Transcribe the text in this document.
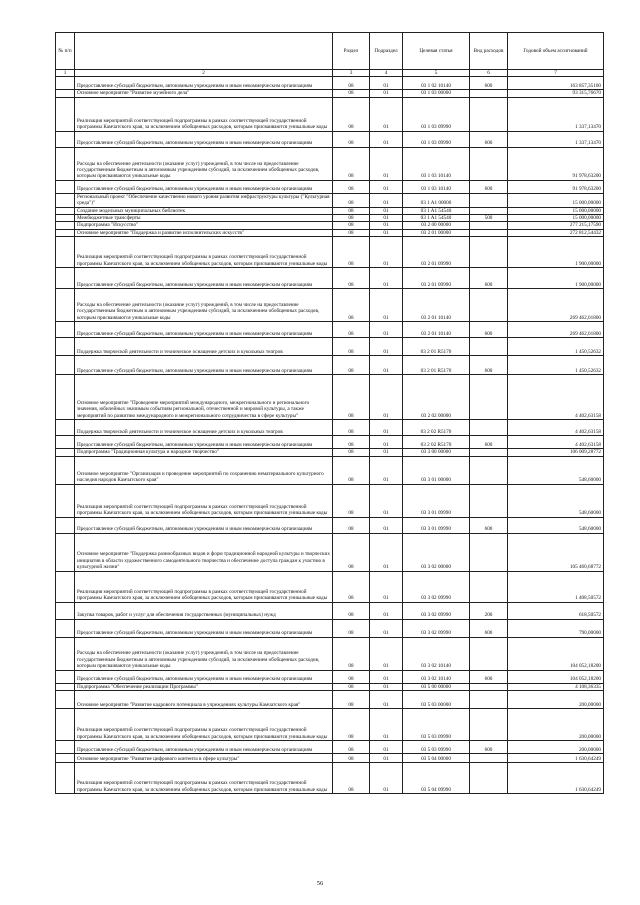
№ п/п		Раздел	Подраздел	Целевая статья	Вид расходов	Годовой объем ассигнований
1	2	3	4	5	6	7
	Предоставление субсидий бюджетным, автономным учреждениям и иным некоммерческим организациям	08	01	03 1 02 10140	600	163 857,35100
	Основное мероприятие "Развитие музейного дела"	08	01	03 1 03 00000		93 315,76670
	Реализация мероприятий соответствующей подпрограммы в рамках соответствующей государственной программы Камчатского края, за исключением обобщенных расходов, которым присваиваются уникальные коды	08	01	03 1 03 09990		1 337,13470
	Предоставление субсидий бюджетным, автономным учреждениям и иным некоммерческим организациям	08	01	03 1 03 09990	600	1 337,13470
	Расходы на обеспечение деятельности (оказание услуг) учреждений, в том числе на предоставление государственным бюджетным и автономным учреждениям субсидий, за исключением обобщенных расходов, которым присваиваются уникальные коды	08	01	03 1 03 10140		91 978,63200
	Предоставление субсидий бюджетным, автономным учреждениям и иным некоммерческим организациям	08	01	03 1 03 10140	600	91 978,63200
	Региональный проект "Обеспечение качественно нового уровня развития инфраструктуры культуры ("Культурная среда")"	08	01	03 1 A1 00000		15 000,00000
	Создание модельных муниципальных библиотек	08	01	03 1 A1 54540		15 000,00000
	Межбюджетные трансферты	08	01	03 1 A1 54540	500	15 000,00000
	Подпрограмма "Искусство"	08	01	03 2 00 00000		277 215,17590
	Основное мероприятие "Поддержка и развитие исполнительских искусств"	08	01	03 2 01 00000		272 812,54432
	Реализация мероприятий соответствующей подпрограммы в рамках соответствующей государственной программы Камчатского края, за исключением обобщенных расходов, которым присваиваются уникальные коды	08	01	03 2 01 09990		1 900,00000
	Предоставление субсидий бюджетным, автономным учреждениям и иным некоммерческим организациям	08	01	03 2 01 09990	600	1 900,00000
	Расходы на обеспечение деятельности (оказание услуг) учреждений, в том числе на предоставление государственным бюджетным и автономным учреждениям субсидий, за исключением обобщенных расходов, которым присваиваются уникальные коды	08	01	03 2 01 10140		269 462,01800
	Предоставление субсидий бюджетным, автономным учреждениям и иным некоммерческим организациям	08	01	03 2 01 10140	600	269 462,01800
	Поддержка творческой деятельности и техническое оснащение детских и кукольных театров	08	01	03 2 01 R5170		1 450,52632
	Предоставление субсидий бюджетным, автономным учреждениям и иным некоммерческим организациям	08	01	03 2 01 R5170	600	1 450,52632
	Основное мероприятие "Проведение мероприятий международного, межрегионального и регионального значения, юбилейных значимым событиям региональной, отечественной и мировой культуры, а также мероприятий по развитию международного и межрегионального сотрудничества в сфере культуры"	08	01	03 2 02 00000		4 402,63158
	Поддержка творческой деятельности и техническое оснащение детских и кукольных театров	08	01	03 2 02 R5170		4 402,63158
	Предоставление субсидий бюджетным, автономным учреждениям и иным некоммерческим организациям	08	01	03 2 02 R5170	600	4 402,63158
	Подпрограмма "Традиционная культура и народное творчество"	08	01	03 3 00 00000		106 009,28772
	Основное мероприятие "Организация и проведение мероприятий по сохранению нематериального культурного наследия народов Камчатского края"	08	01	03 3 01 00000		548,60000
	Реализация мероприятий соответствующей подпрограммы в рамках соответствующей государственной программы Камчатского края, за исключением обобщенных расходов, которым присваиваются уникальные коды	08	01	03 3 01 09990		548,60000
	Предоставление субсидий бюджетным, автономным учреждениям и иным некоммерческим организациям	08	01	03 3 01 09990	600	548,60000
	Основное мероприятие "Поддержка разнообразных видов и форм традиционной народной культуры и творческих инициатив в области художественного самодеятельного творчества и обеспечение доступа граждан к участию в культурной жизни"	08	01	03 3 02 00000		105 460,68772
	Реализация мероприятий соответствующей подпрограммы в рамках соответствующей государственной программы Камчатского края, за исключением обобщенных расходов, которым присваиваются уникальные коды	08	01	03 3 02 09990		1 408,50572
	Закупка товаров, работ и услуг для обеспечения государственных (муниципальных) нужд	08	01	03 3 02 09990	200	618,50572
	Предоставление субсидий бюджетным, автономным учреждениям и иным некоммерческим организациям	08	01	03 3 02 09990	600	790,00000
	Расходы на обеспечение деятельности (оказание услуг) учреждений, в том числе на предоставление государственным бюджетным и автономным учреждениям субсидий, за исключением обобщенных расходов, которым присваиваются уникальные коды	08	01	03 3 02 10140		104 052,18200
	Предоставление субсидий бюджетным, автономным учреждениям и иным некоммерческим организациям	08	01	03 3 02 10140	600	104 052,18200
	Подпрограмма "Обеспечение реализации Программы"	08	01	03 5 00 00000		4 108,36335
	Основное мероприятие "Развитие кадрового потенциала в учреждениях культуры Камчатского края"	08	01	03 5 03 00000		200,00000
	Реализация мероприятий соответствующей подпрограммы в рамках соответствующей государственной программы Камчатского края, за исключением обобщенных расходов, которым присваиваются уникальные коды	08	01	03 5 03 09990		200,00000
	Предоставление субсидий бюджетным, автономным учреждениям и иным некоммерческим организациям	08	01	03 5 03 09990	600	200,00000
	Основное мероприятие "Развитие цифрового контента в сфере культуры"	08	01	03 5 04 00000		1 630,64249
	Реализация мероприятий соответствующей подпрограммы в рамках соответствующей государственной программы Камчатского края, за исключением обобщенных расходов, которым присваиваются уникальные коды	08	01	03 5 04 09990		1 630,64249
56
